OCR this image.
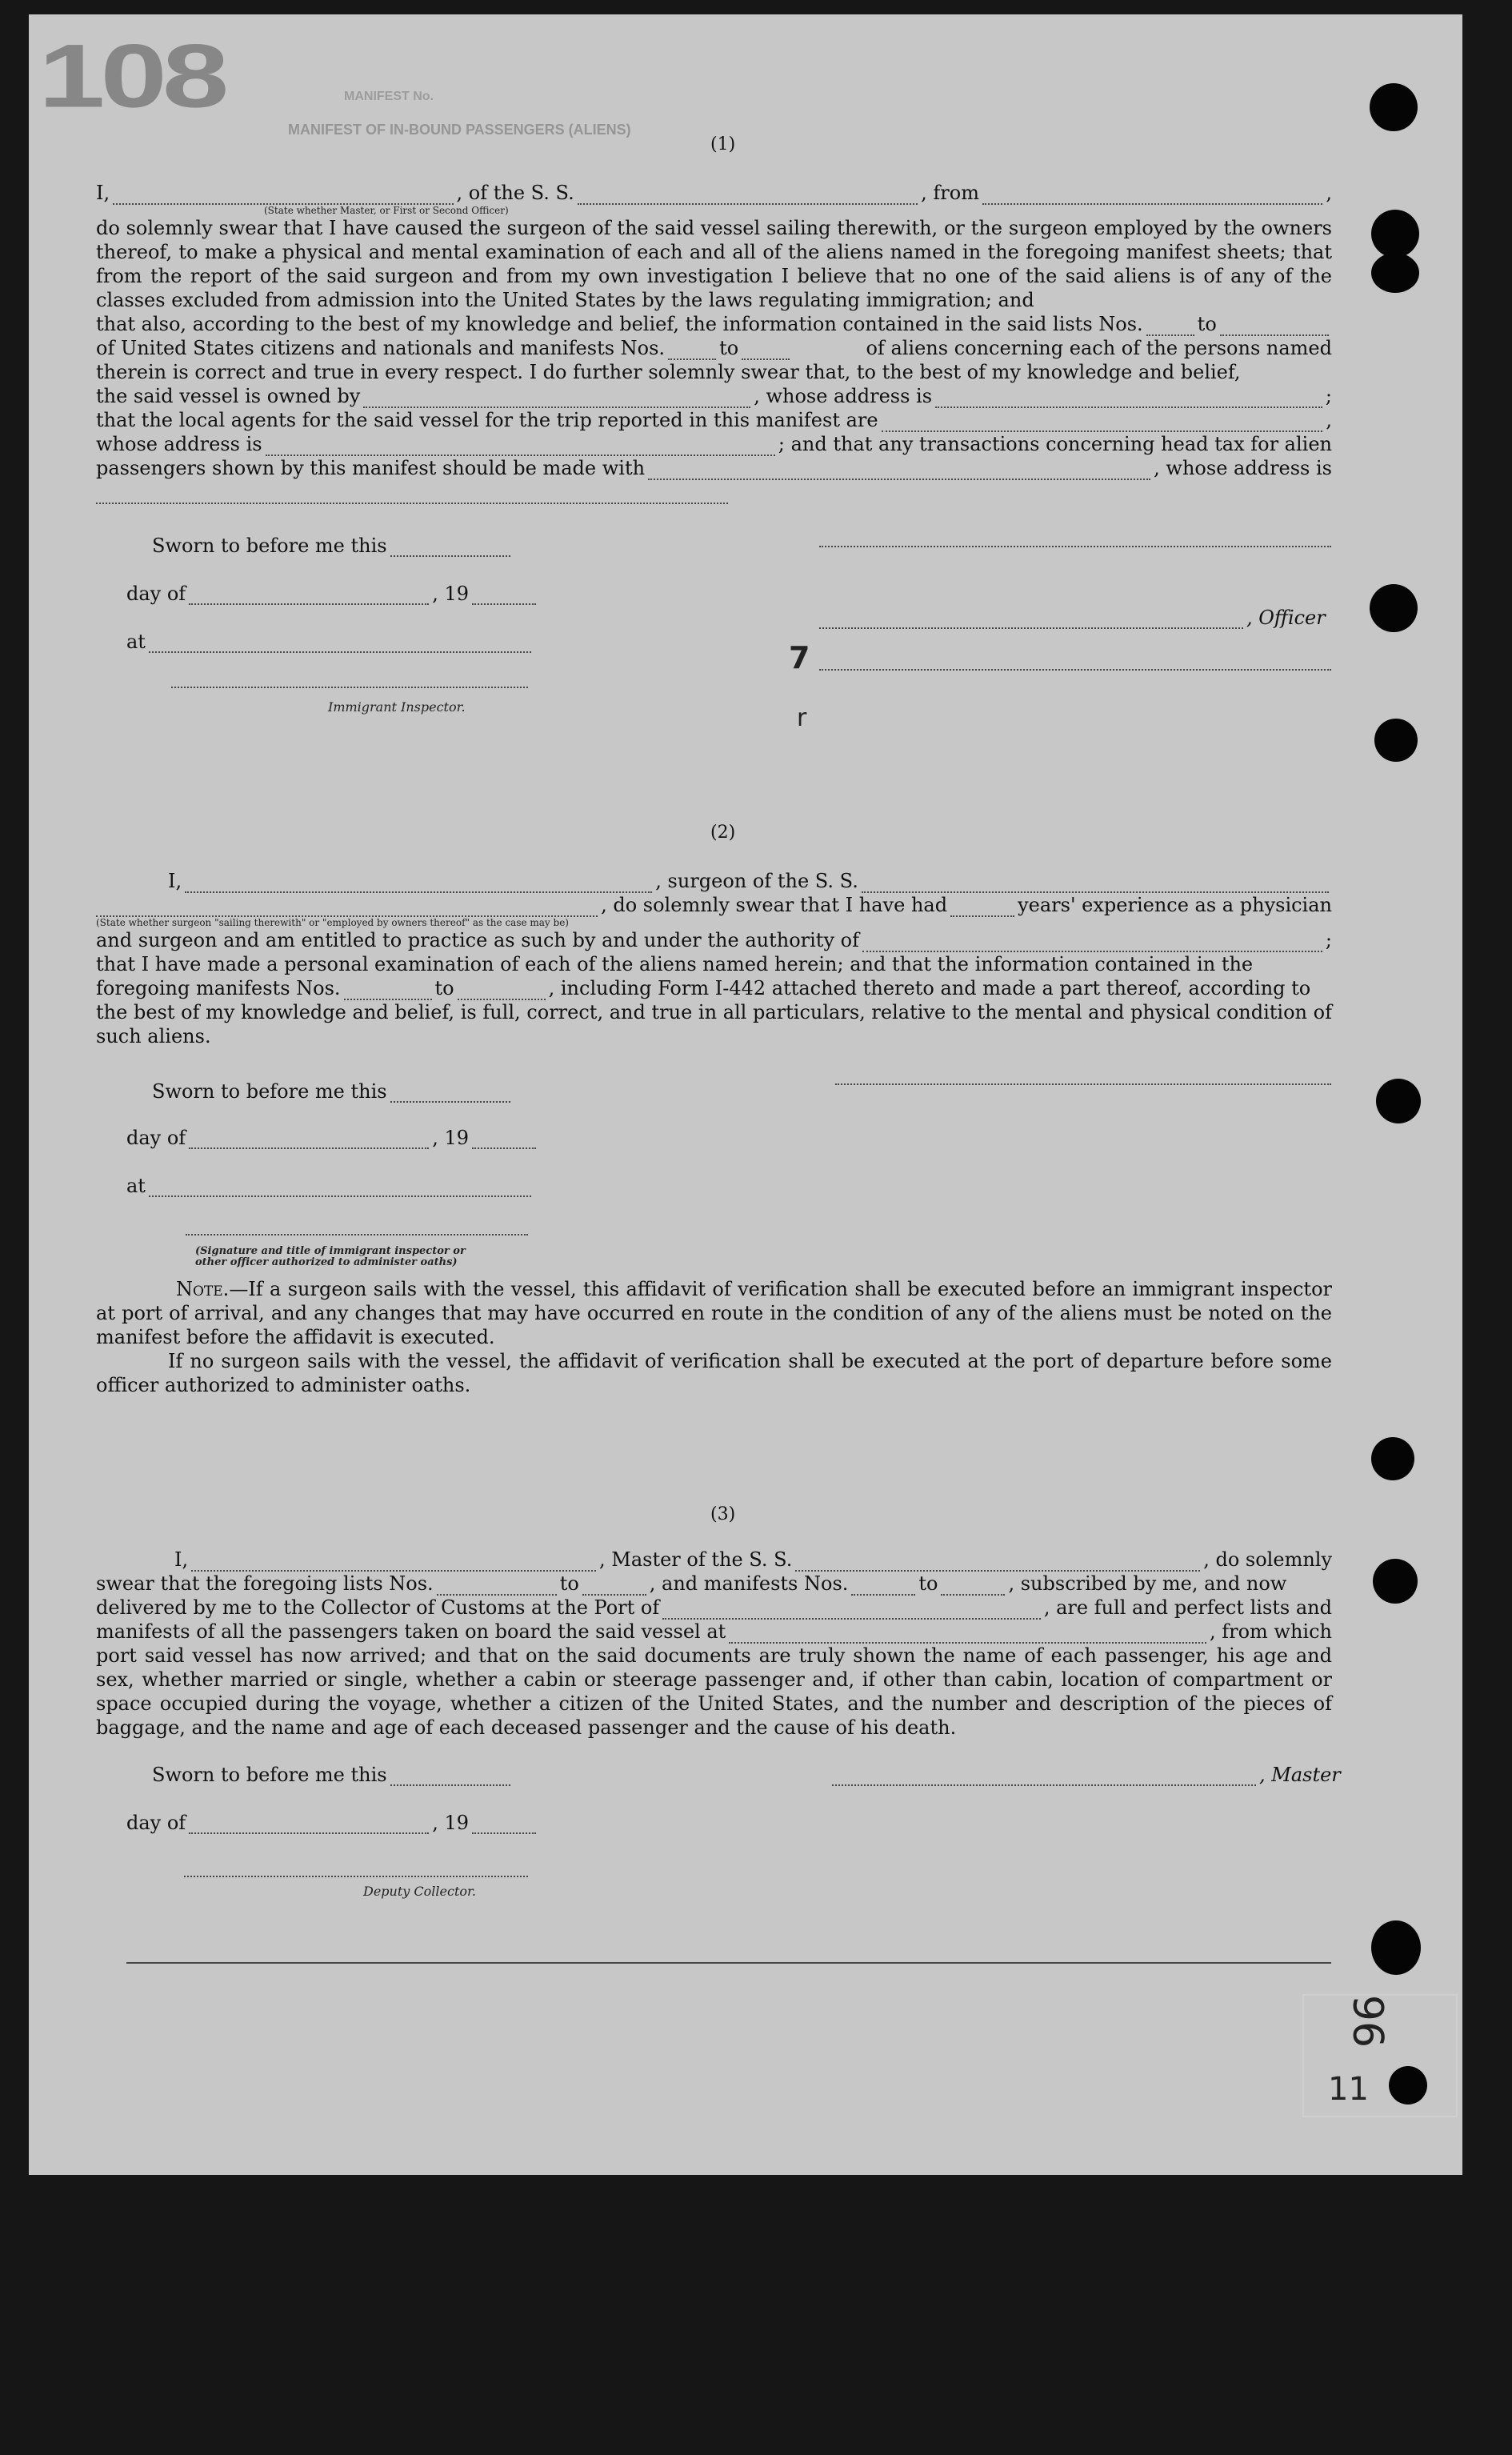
108
MANIFEST OF IN-BOUND PASSENGERS (ALIENS)
MANIFEST No.
(1)
I,	, of the S. S.	, from	,
(State whether Master, or First or Second Officer)
do solemnly swear that I have caused the surgeon of the said vessel sailing therewith, or the surgeon employed by the owners thereof, to make a physical and mental examination of each and all of the aliens named in the foregoing manifest sheets; that from the report of the said surgeon and from my own investigation I believe that no one of the said aliens is of any of the classes excluded from admission into the United States by the laws regulating immigration; and
that also, according to the best of my knowledge and belief, the information contained in the said lists Nos.	to
of United States citizens and nationals and manifests Nos.	to	of aliens concerning each of the persons named
therein is correct and true in every respect. I do further solemnly swear that, to the best of my knowledge and belief,
the said vessel is owned by	, whose address is	;
that the local agents for the said vessel for the trip reported in this manifest are	,
whose address is	; and that any transactions concerning head tax for alien
passengers shown by this manifest should be made with	, whose address is
Sworn to before me this
day of	, 19
at
Immigrant Inspector.
, Officer
7
r
(2)
I,	, surgeon of the S. S.
, do solemnly swear that I have had	years' experience as a physician
(State whether surgeon "sailing therewith" or "employed by owners thereof" as the case may be)
and surgeon and am entitled to practice as such by and under the authority of	;
that I have made a personal examination of each of the aliens named herein; and that the information contained in the
foregoing manifests Nos.	to	, including Form I-442 attached thereto and made a part thereof, according to
the best of my knowledge and belief, is full, correct, and true in all particulars, relative to the mental and physical condition of such aliens.
Sworn to before me this
day of	, 19
at
(Signature and title of immigrant inspector or
other officer authorized to administer oaths)
Note.—If a surgeon sails with the vessel, this affidavit of verification shall be executed before an immigrant inspector at port of arrival, and any changes that may have occurred en route in the condition of any of the aliens must be noted on the manifest before the affidavit is executed.
If no surgeon sails with the vessel, the affidavit of verification shall be executed at the port of departure before some officer authorized to administer oaths.
(3)
I,	, Master of the S. S.	, do solemnly
swear that the foregoing lists Nos.	to	, and manifests Nos.	to	, subscribed by me, and now
delivered by me to the Collector of Customs at the Port of	, are full and perfect lists and
manifests of all the passengers taken on board the said vessel at	, from which
port said vessel has now arrived; and that on the said documents are truly shown the name of each passenger, his age and sex, whether married or single, whether a cabin or steerage passenger and, if other than cabin, location of compartment or space occupied during the voyage, whether a citizen of the United States, and the number and description of the pieces of baggage, and the name and age of each deceased passenger and the cause of his death.
Sworn to before me this	, Master
day of	, 19
Deputy Collector.
96
11
